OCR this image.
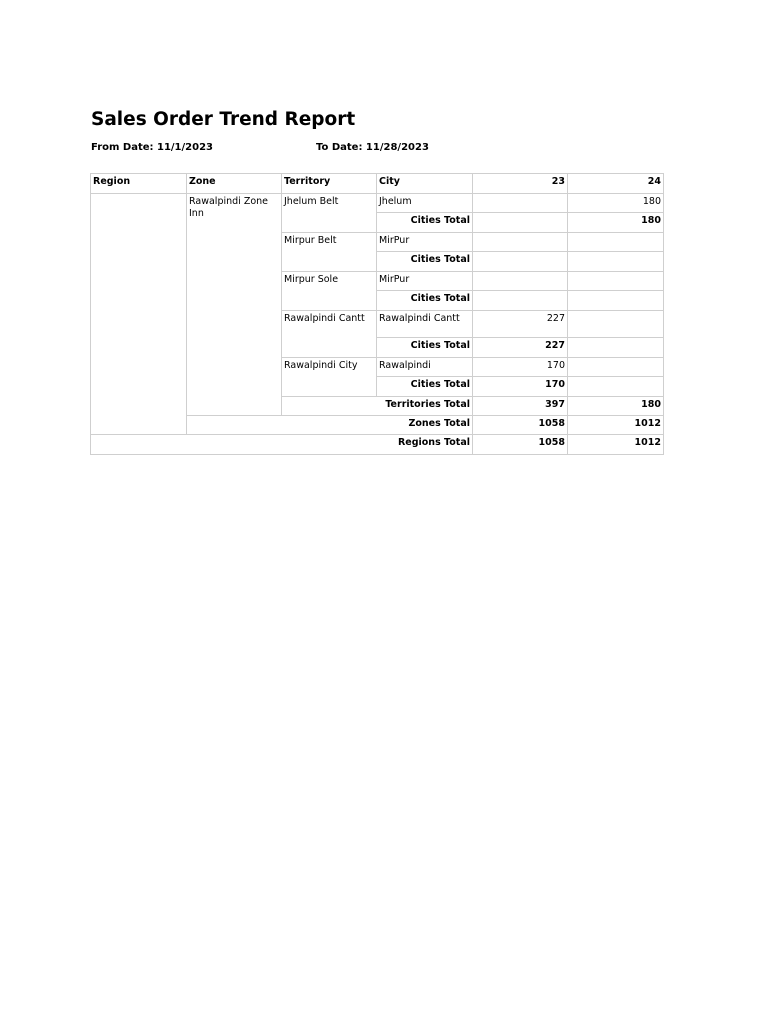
Sales Order Trend Report
From Date: 11/1/2023	To Date: 11/28/2023
Region	Zone	Territory	City	23	24
	Rawalpindi Zone Inn	Jhelum Belt	Jhelum		180
			Cities Total		180
		Mirpur Belt	MirPur		
			Cities Total		
		Mirpur Sole	MirPur		
			Cities Total		
		Rawalpindi Cantt	Rawalpindi Cantt	227	
			Cities Total	227	
		Rawalpindi City	Rawalpindi	170	
			Cities Total	170	
		Territories Total		397	180
	Zones Total			1058	1012
Regions Total				1058	1012
